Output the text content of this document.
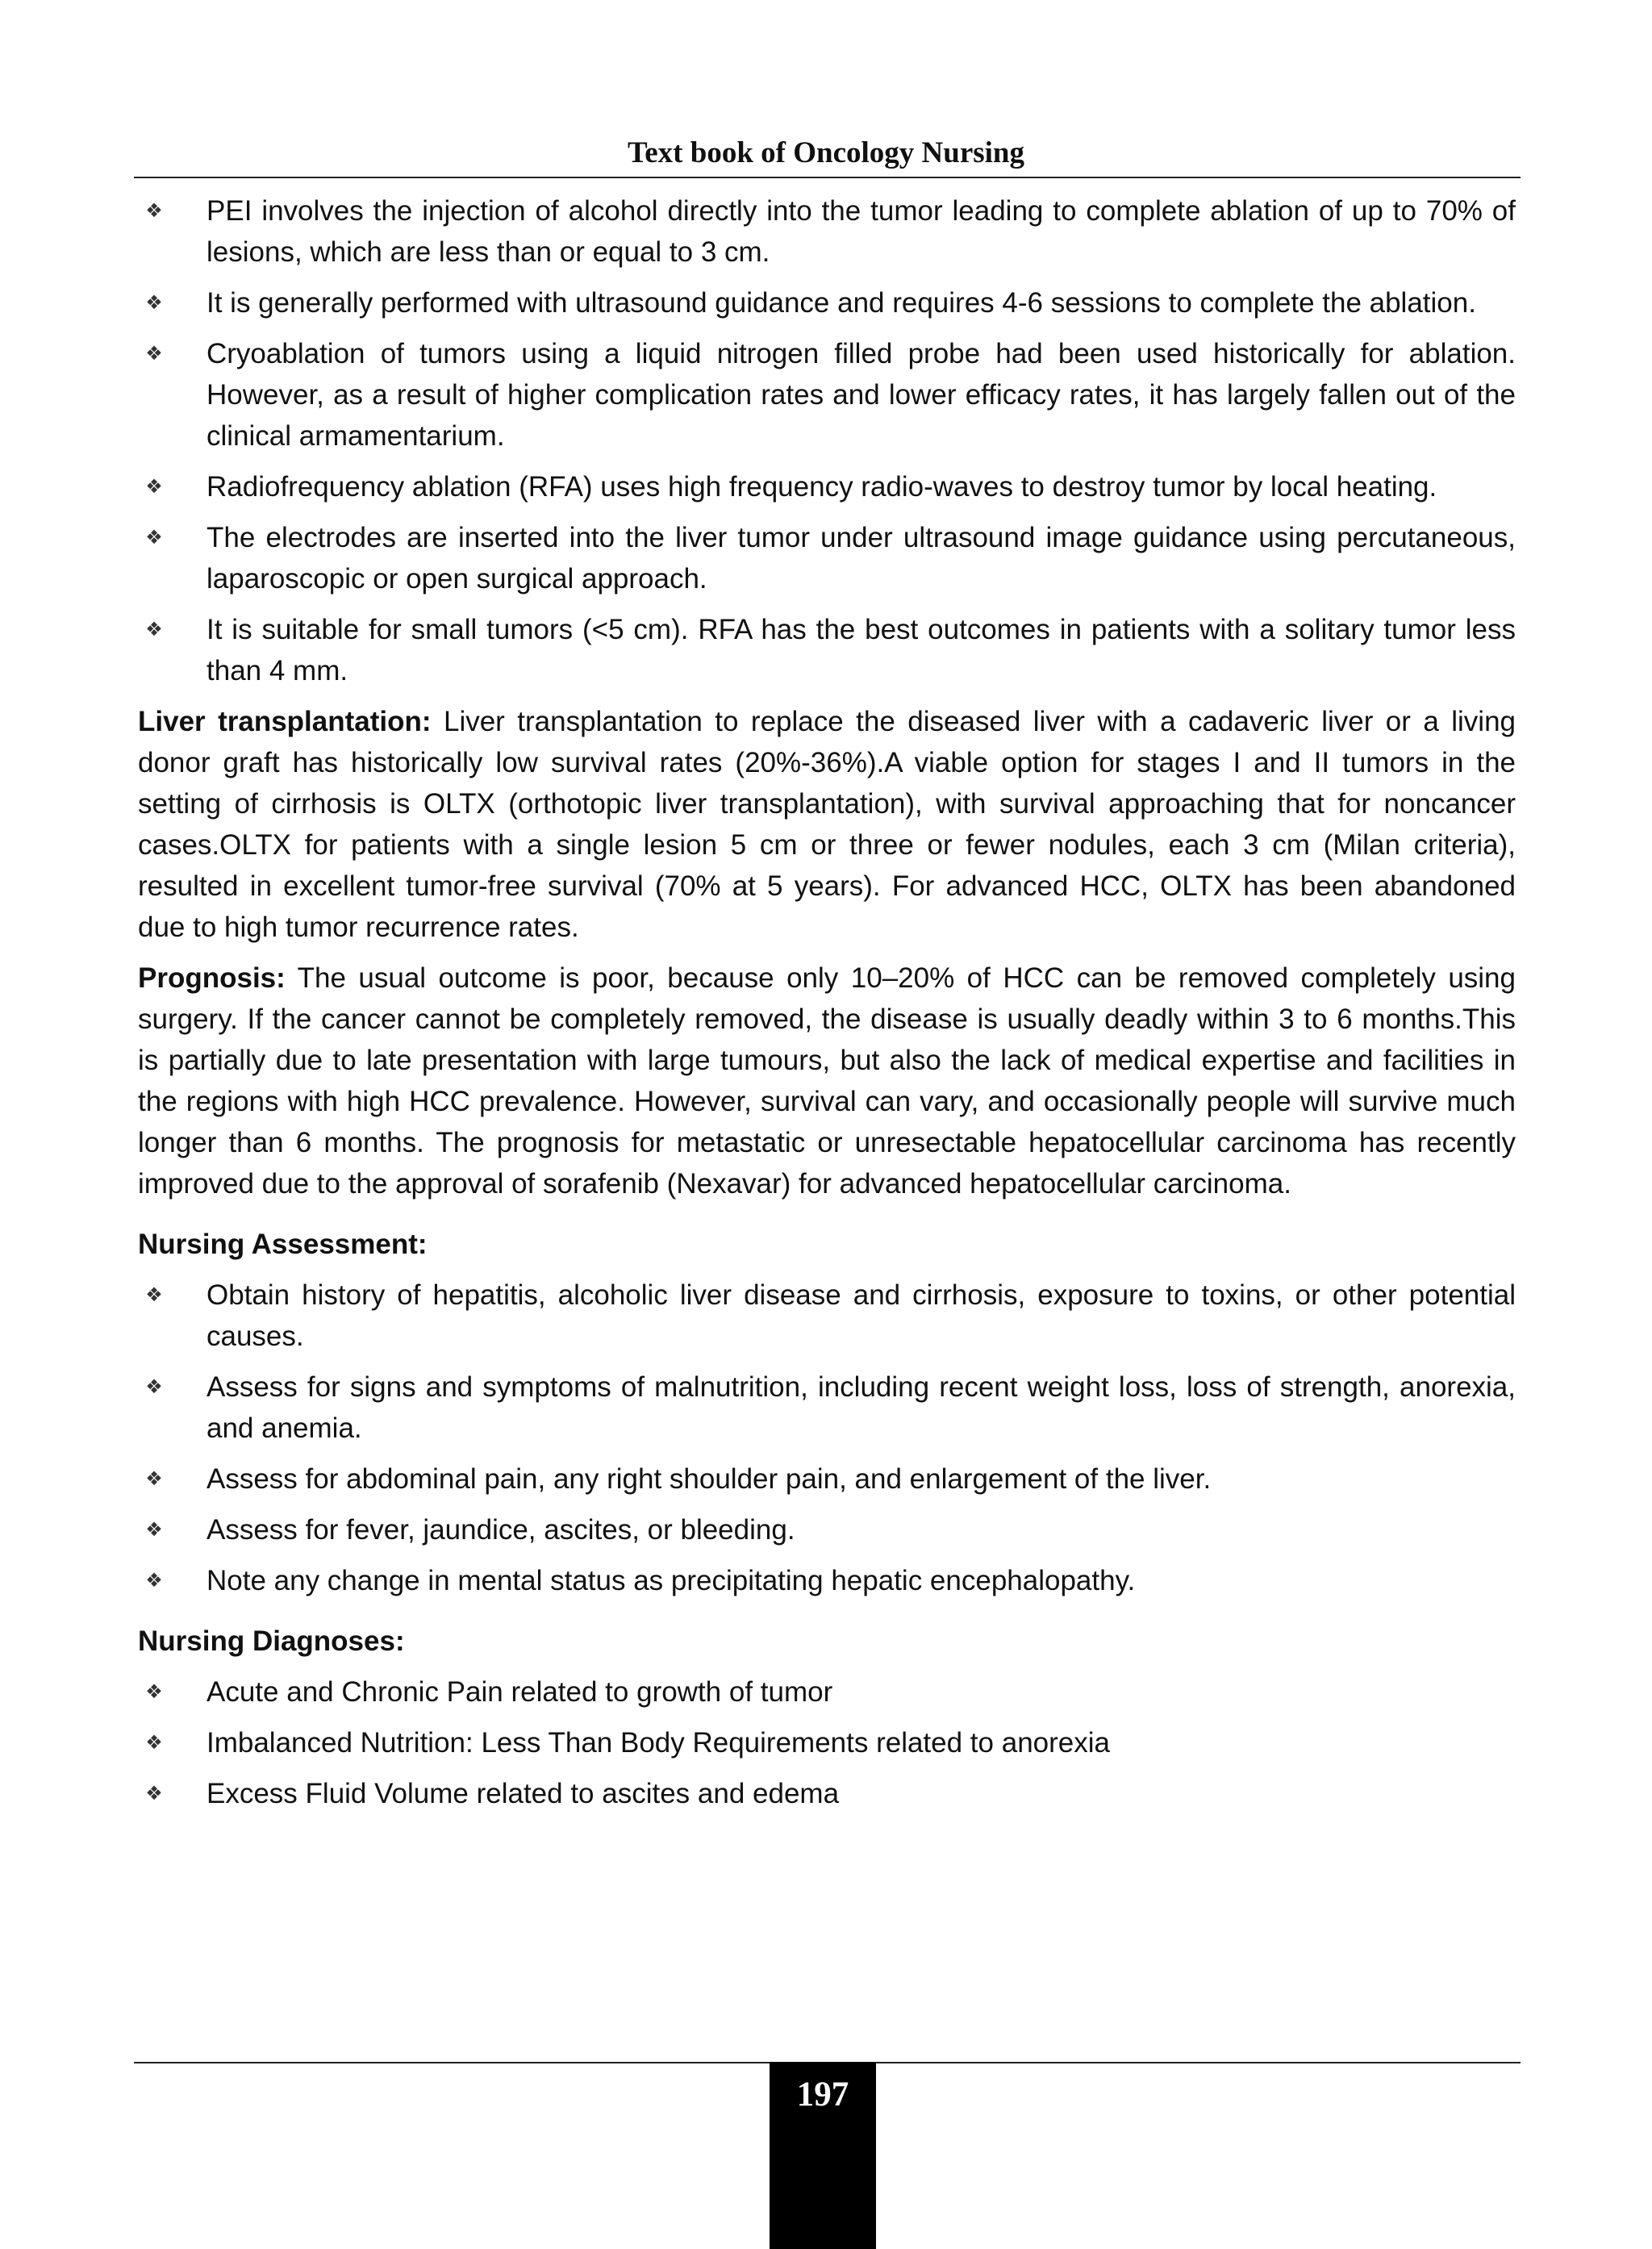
Text book of Oncology Nursing
❖ PEI involves the injection of alcohol directly into the tumor leading to complete ablation of up to 70% of lesions, which are less than or equal to 3 cm.
❖ It is generally performed with ultrasound guidance and requires 4-6 sessions to complete the ablation.
❖ Cryoablation of tumors using a liquid nitrogen filled probe had been used historically for ablation. However, as a result of higher complication rates and lower efficacy rates, it has largely fallen out of the clinical armamentarium.
❖ Radiofrequency ablation (RFA) uses high frequency radio-waves to destroy tumor by local heating.
❖ The electrodes are inserted into the liver tumor under ultrasound image guidance using percutaneous, laparoscopic or open surgical approach.
❖ It is suitable for small tumors (<5 cm). RFA has the best outcomes in patients with a solitary tumor less than 4 mm.

Liver transplantation: Liver transplantation to replace the diseased liver with a cadaveric liver or a living donor graft has historically low survival rates (20%-36%).A viable option for stages I and II tumors in the setting of cirrhosis is OLTX (orthotopic liver transplantation), with survival approaching that for noncancer cases.OLTX for patients with a single lesion 5 cm or three or fewer nodules, each 3 cm (Milan criteria), resulted in excellent tumor-free survival (70% at 5 years). For advanced HCC, OLTX has been abandoned due to high tumor recurrence rates.

Prognosis: The usual outcome is poor, because only 10–20% of HCC can be removed completely using surgery. If the cancer cannot be completely removed, the disease is usually deadly within 3 to 6 months.This is partially due to late presentation with large tumours, but also the lack of medical expertise and facilities in the regions with high HCC prevalence. However, survival can vary, and occasionally people will survive much longer than 6 months. The prognosis for metastatic or unresectable hepatocellular carcinoma has recently improved due to the approval of sorafenib (Nexavar) for advanced hepatocellular carcinoma.

Nursing Assessment:
❖ Obtain history of hepatitis, alcoholic liver disease and cirrhosis, exposure to toxins, or other potential causes.
❖ Assess for signs and symptoms of malnutrition, including recent weight loss, loss of strength, anorexia, and anemia.
❖ Assess for abdominal pain, any right shoulder pain, and enlargement of the liver.
❖ Assess for fever, jaundice, ascites, or bleeding.
❖ Note any change in mental status as precipitating hepatic encephalopathy.
Nursing Diagnoses:
❖ Acute and Chronic Pain related to growth of tumor
❖ Imbalanced Nutrition: Less Than Body Requirements related to anorexia
❖ Excess Fluid Volume related to ascites and edema
197
